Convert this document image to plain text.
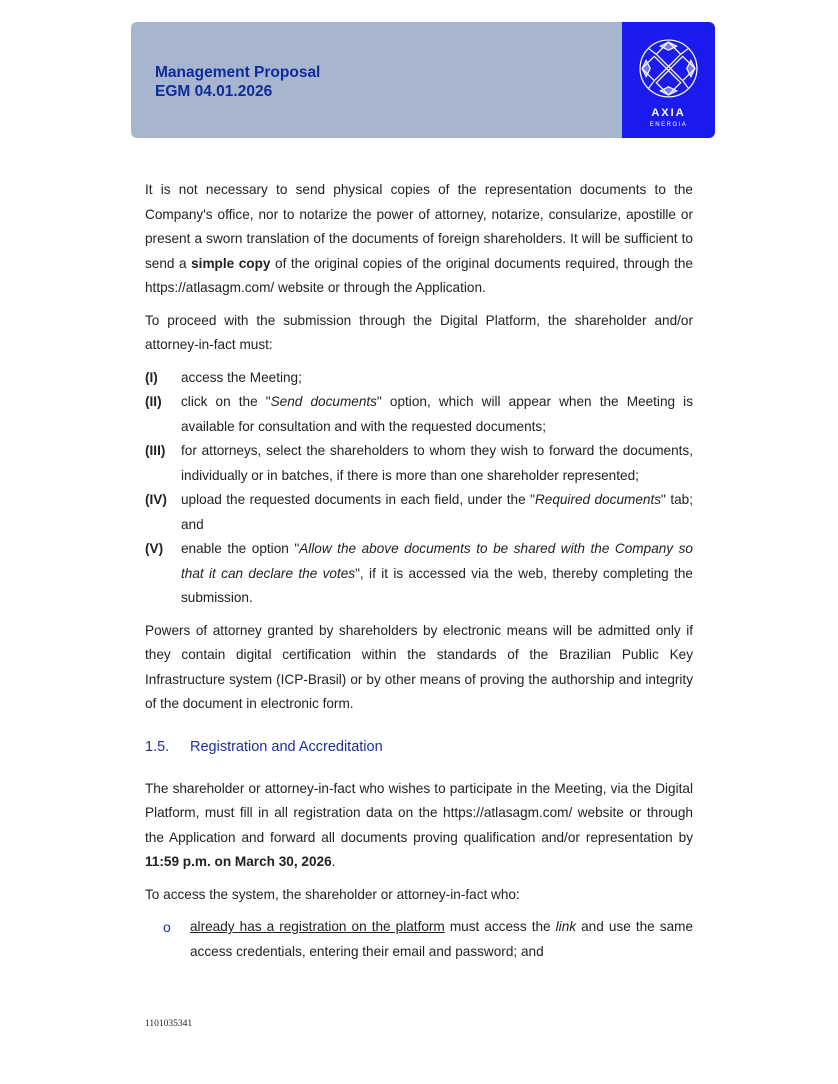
Management Proposal
EGM 04.01.2026
AXIA
ENERGIA

It is not necessary to send physical copies of the representation documents to the Company's office, nor to notarize the power of attorney, notarize, consularize, apostille or present a sworn translation of the documents of foreign shareholders. It will be sufficient to send a simple copy of the original copies of the original documents required, through the https://atlasagm.com/ website or through the Application.

To proceed with the submission through the Digital Platform, the shareholder and/or attorney-in-fact must:

(I) access the Meeting;
(II) click on the "Send documents" option, which will appear when the Meeting is available for consultation and with the requested documents;
(III) for attorneys, select the shareholders to whom they wish to forward the documents, individually or in batches, if there is more than one shareholder represented;
(IV) upload the requested documents in each field, under the "Required documents" tab; and
(V) enable the option "Allow the above documents to be shared with the Company so that it can declare the votes", if it is accessed via the web, thereby completing the submission.

Powers of attorney granted by shareholders by electronic means will be admitted only if they contain digital certification within the standards of the Brazilian Public Key Infrastructure system (ICP-Brasil) or by other means of proving the authorship and integrity of the document in electronic form.

1.5. Registration and Accreditation

The shareholder or attorney-in-fact who wishes to participate in the Meeting, via the Digital Platform, must fill in all registration data on the https://atlasagm.com/ website or through the Application and forward all documents proving qualification and/or representation by 11:59 p.m. on March 30, 2026.

To access the system, the shareholder or attorney-in-fact who:

o already has a registration on the platform must access the link and use the same access credentials, entering their email and password; and
1101035341
